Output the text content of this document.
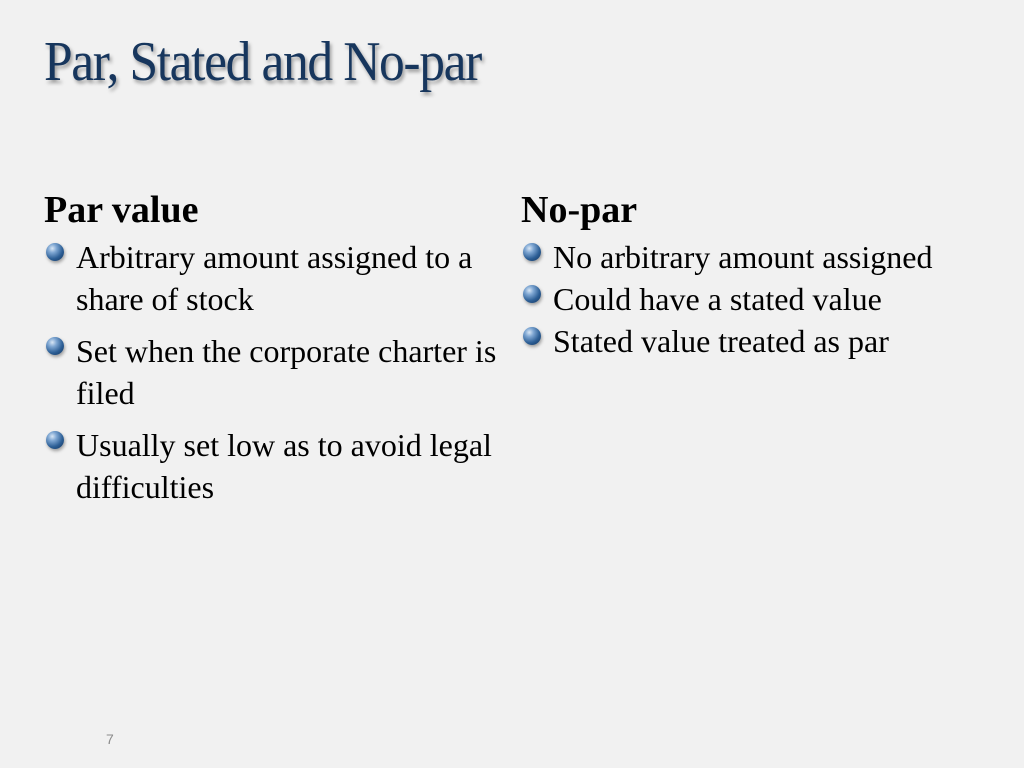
Par, Stated and No-par
Par value
Arbitrary amount assigned to a share of stock
Set when the corporate charter is filed
Usually set low as to avoid legal difficulties
No-par
No arbitrary amount assigned
Could have a stated value
Stated value treated as par
7
